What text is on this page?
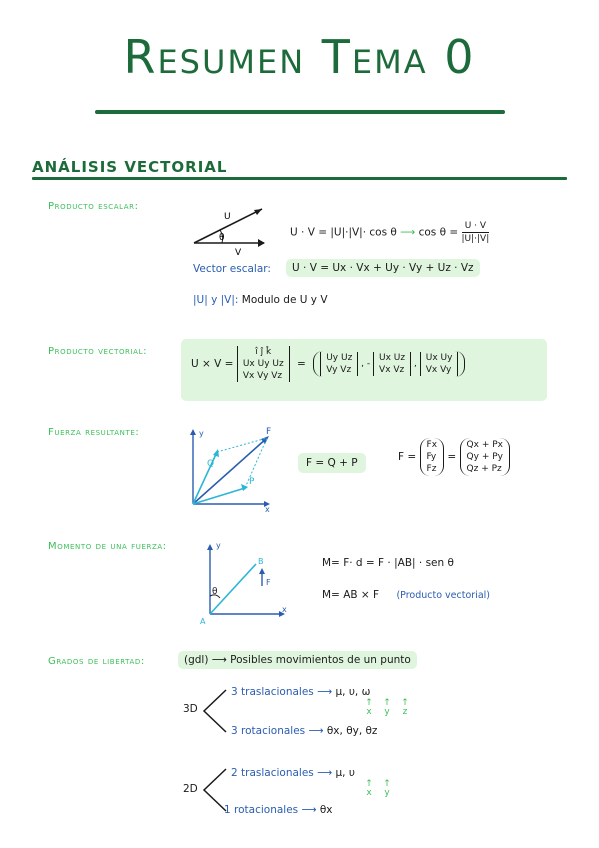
Resumen Tema 0
ANÁLISIS VECTORIAL
Producto escalar:
U
V
θ	U · V = |U|·|V|· cos θ ⟶ $\cos \theta = \frac{U \cdot V}{|U|\cdot|V|}$
U · V = Ux · Vx + Uy · Vy + Uz · Vz
Vector escalar:
|U| y |V|: Modulo de U y V
Producto vectorial:
U × V =
î ĵ k̂
Ux Uy Uz
Vx Vy Vz
= Uy Uz
Vy Vz
, -
Ux Uz
Vx Vz
,
Ux Uy
Vx Vy
Fuerza resultante:	y
x
F
Q
P
F = Q + P	F =
Fx
Fy
Fz
=
Qx + Px
Qy + Py
Qz + Pz
Momento de una fuerza:	y
x
A
B
F
θ
M= F· d = F · |AB| · sen θ
M= AB × F (Producto vectorial)
Grados de libertad:	(gdl) ⟶ Posibles movimientos de un punto
3D
3 traslacionales ⟶ μ, υ, ω
↑
x↑
y↑
z
3 rotacionales ⟶ θx, θy, θz
2D
2 traslacionales ⟶ μ, υ
↑
x↑
y
1 rotacionales ⟶ θx
